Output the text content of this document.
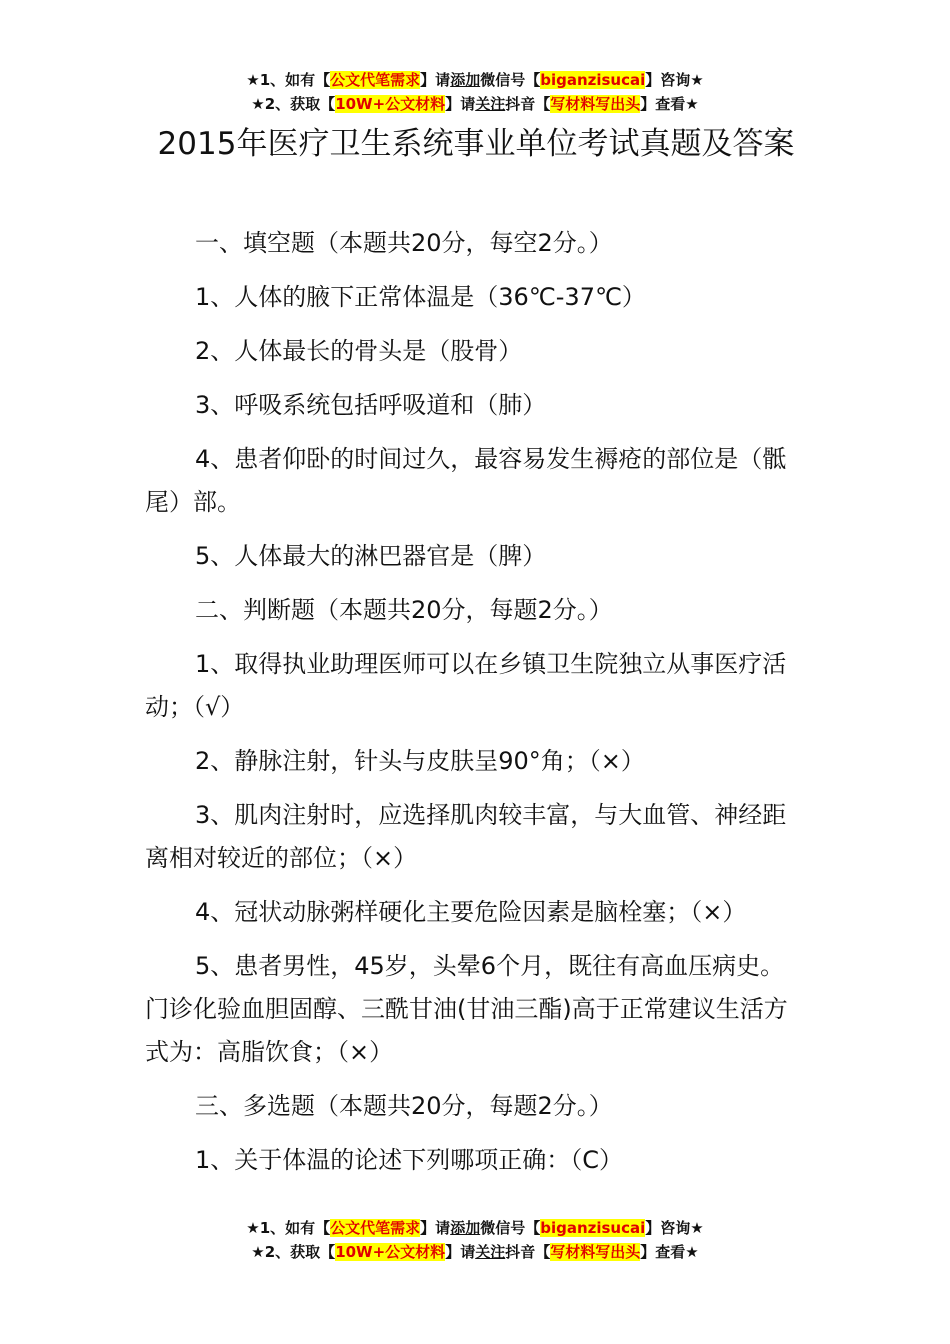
★1、如有【公文代笔需求】请添加微信号【biganzisucai】咨询★
★2、获取【10W+公文材料】请关注抖音【写材料写出头】查看★
2015年医疗卫生系统事业单位考试真题及答案

一、填空题（本题共20分，每空2分。）

1、人体的腋下正常体温是（36℃-37℃）

2、人体最长的骨头是（股骨）

3、呼吸系统包括呼吸道和（肺）

4、患者仰卧的时间过久，最容易发生褥疮的部位是（骶尾）部。

5、人体最大的淋巴器官是（脾）

二、判断题（本题共20分，每题2分。）

1、取得执业助理医师可以在乡镇卫生院独立从事医疗活动；（√）

2、静脉注射，针头与皮肤呈90°角；（×）

3、肌肉注射时，应选择肌肉较丰富，与大血管、神经距离相对较近的部位；（×）

4、冠状动脉粥样硬化主要危险因素是脑栓塞；（×）

5、患者男性，45岁，头晕6个月，既往有高血压病史。门诊化验血胆固醇、三酰甘油(甘油三酯)高于正常建议生活方式为：高脂饮食；（×）

三、多选题（本题共20分，每题2分。）

1、关于体温的论述下列哪项正确：（C）

★1、如有【公文代笔需求】请添加微信号【biganzisucai】咨询★
★2、获取【10W+公文材料】请关注抖音【写材料写出头】查看★
